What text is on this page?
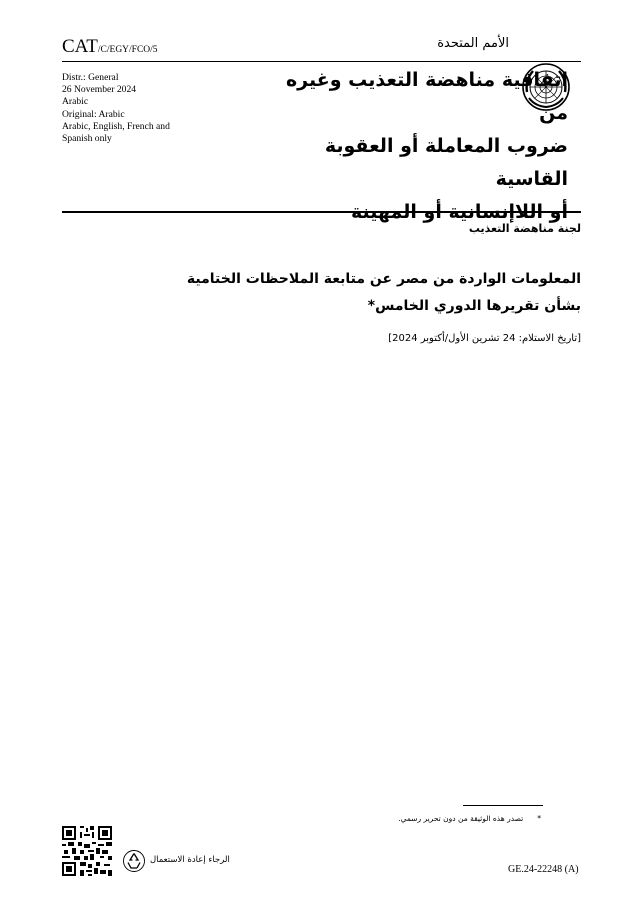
CAT/C/EGY/FCO/5	الأمم المتحدة
Distr.: General
26 November 2024
Arabic
Original: Arabic
Arabic, English, French and
Spanish only
اتفاقية مناهضة التعذيب وغيره من
ضروب المعاملة أو العقوبة القاسية
أو اللاإنسانية أو المهينة
لجنة مناهضة التعذيب
المعلومات الواردة من مصر عن متابعة الملاحظات الختامية
بشأن تقريرها الدوري الخامس*
[تاريخ الاستلام: 24 تشرين الأول/أكتوبر 2024]
*
تصدر هذه الوثيقة من دون تحرير رسمي.
الرجاء إعادة الاستعمال
GE.24-22248 (A)
